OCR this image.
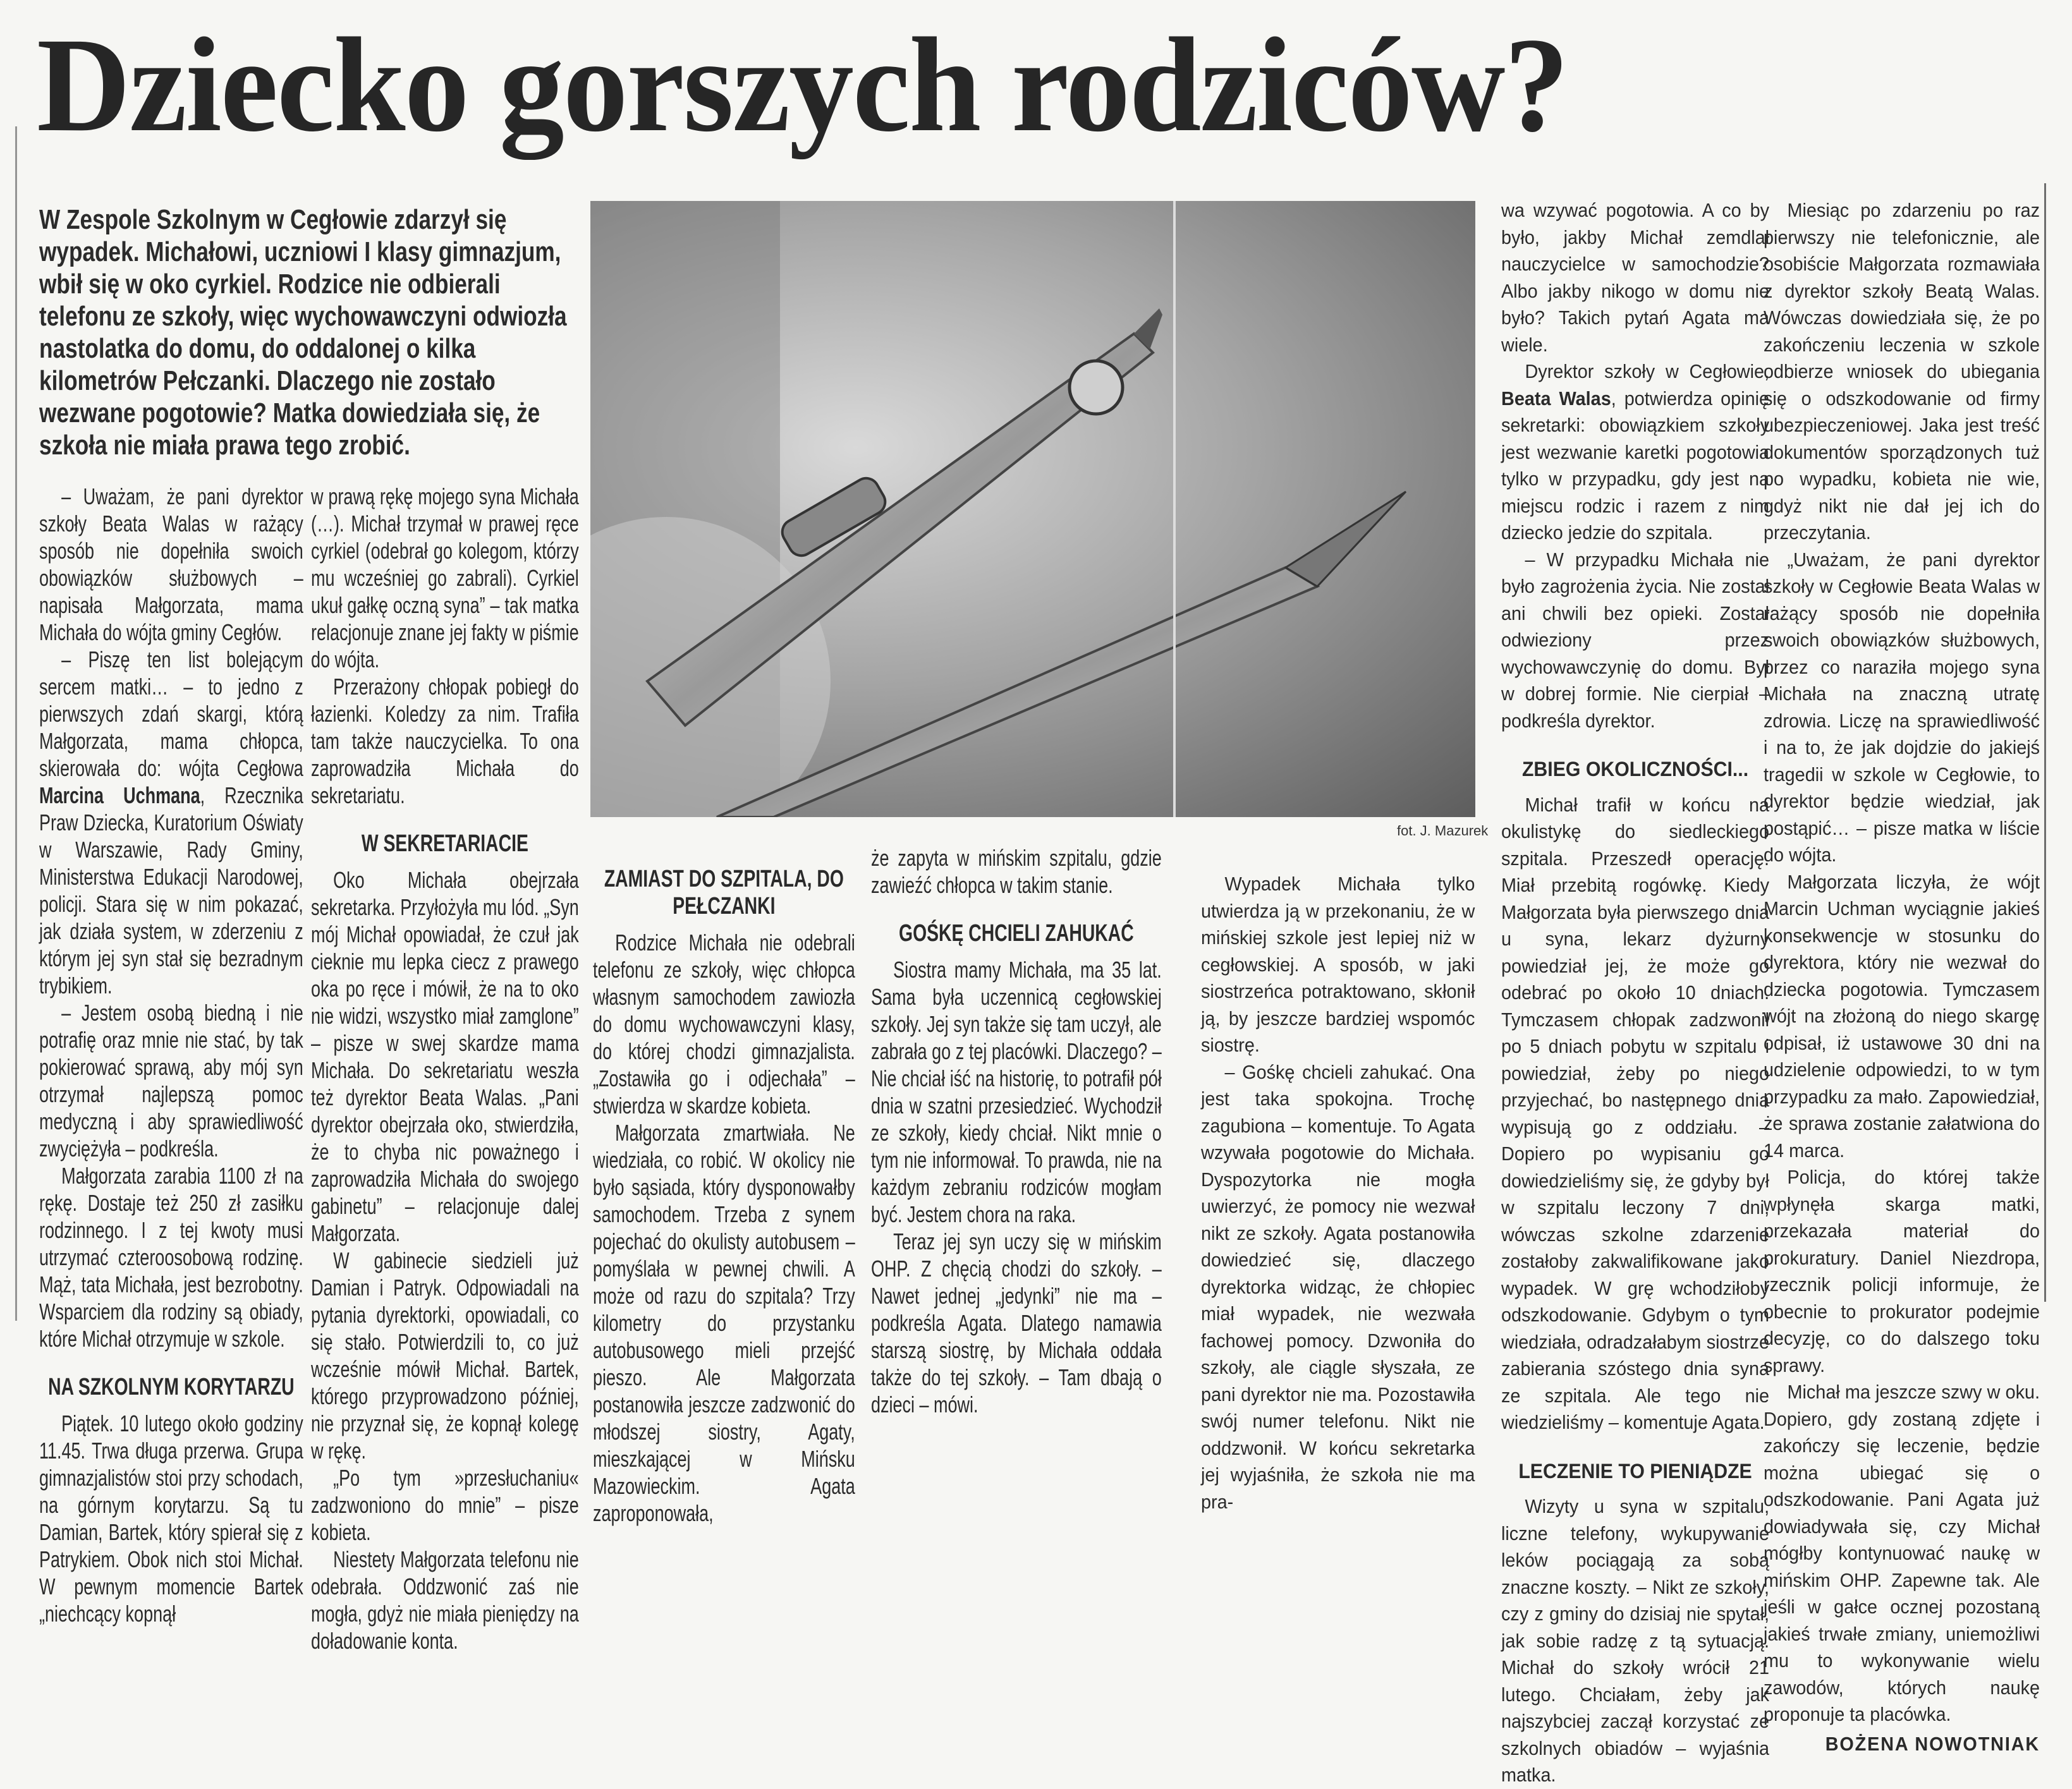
Dziecko gorszych rodziców?
W Zespole Szkolnym w Cegłowie zdarzył się wypadek. Michałowi, uczniowi I klasy gimnazjum, wbił się w oko cyrkiel. Rodzice nie odbierali telefonu ze szkoły, więc wychowawczyni odwiozła nastolatka do domu, do oddalonej o kilka kilometrów Pełczanki. Dlaczego nie zostało wezwane pogotowie? Matka dowiedziała się, że szkoła nie miała prawa tego zrobić.
fot. J. Mazurek

– Uważam, że pani dyrektor szkoły Beata Walas w rażący sposób nie dopełniła swoich obowiązków służbowych – napisała Małgorzata, mama Michała do wójta gminy Cegłów.

– Piszę ten list bolejącym sercem matki… – to jedno z pierwszych zdań skargi, którą Małgorzata, mama chłopca, skierowała do: wójta Cegłowa Marcina Uchmana, Rzecznika Praw Dziecka, Kuratorium Oświaty w Warszawie, Rady Gminy, Ministerstwa Edukacji Narodowej, policji. Stara się w nim pokazać, jak działa system, w zderzeniu z którym jej syn stał się bezradnym trybikiem.

– Jestem osobą biedną i nie potrafię oraz mnie nie stać, by tak pokierować sprawą, aby mój syn otrzymał najlepszą pomoc medyczną i aby sprawiedliwość zwyciężyła – podkreśla.

Małgorzata zarabia 1100 zł na rękę. Dostaje też 250 zł zasiłku rodzinnego. I z tej kwoty musi utrzymać czteroosobową rodzinę. Mąż, tata Michała, jest bezrobotny. Wsparciem dla rodziny są obiady, które Michał otrzymuje w szkole.

NA SZKOLNYM KORYTARZU

Piątek. 10 lutego około godziny 11.45. Trwa długa przerwa. Grupa gimnazjalistów stoi przy schodach, na górnym korytarzu. Są tu Damian, Bartek, który spierał się z Patrykiem. Obok nich stoi Michał. W pewnym momencie Bartek „niechcący kopnął

w prawą rękę mojego syna Michała (…). Michał trzymał w prawej ręce cyrkiel (odebrał go kolegom, którzy mu wcześniej go zabrali). Cyrkiel ukuł gałkę oczną syna” – tak matka relacjonuje znane jej fakty w piśmie do wójta.

Przerażony chłopak pobiegł do łazienki. Koledzy za nim. Trafiła tam także nauczycielka. To ona zaprowadziła Michała do sekretariatu.

W SEKRETARIACIE

Oko Michała obejrzała sekretarka. Przyłożyła mu lód. „Syn mój Michał opowiadał, że czuł jak cieknie mu lepka ciecz z prawego oka po ręce i mówił, że na to oko nie widzi, wszystko miał zamglone” – pisze w swej skardze mama Michała. Do sekretariatu weszła też dyrektor Beata Walas. „Pani dyrektor obejrzała oko, stwierdziła, że to chyba nic poważnego i zaprowadziła Michała do swojego gabinetu” – relacjonuje dalej Małgorzata.

W gabinecie siedzieli już Damian i Patryk. Odpowiadali na pytania dyrektorki, opowiadali, co się stało. Potwierdzili to, co już wcześnie mówił Michał. Bartek, którego przyprowadzono później, nie przyznał się, że kopnął kolegę w rękę.

„Po tym »przesłuchaniu« zadzwoniono do mnie” – pisze kobieta.

Niestety Małgorzata telefonu nie odebrała. Oddzwonić zaś nie mogła, gdyż nie miała pieniędzy na doładowanie konta.

ZAMIAST DO SZPITALA, DO PEŁCZANKI

Rodzice Michała nie odebrali telefonu ze szkoły, więc chłopca własnym samochodem zawiozła do domu wychowawczyni klasy, do której chodzi gimnazjalista. „Zostawiła go i odjechała” – stwierdza w skardze kobieta.

Małgorzata zmartwiała. Ne wiedziała, co robić. W okolicy nie było sąsiada, który dysponowałby samochodem. Trzeba z synem pojechać do okulisty autobusem – pomyślała w pewnej chwili. A może od razu do szpitala? Trzy kilometry do przystanku autobusowego mieli przejść pieszo. Ale Małgorzata postanowiła jeszcze zadzwonić do młodszej siostry, Agaty, mieszkającej w Mińsku Mazowieckim. Agata zaproponowała,

że zapyta w mińskim szpitalu, gdzie zawieźć chłopca w takim stanie.

GOŚKĘ CHCIELI ZAHUKAĆ

Siostra mamy Michała, ma 35 lat. Sama była uczennicą cegłowskiej szkoły. Jej syn także się tam uczył, ale zabrała go z tej placówki. Dlaczego? – Nie chciał iść na historię, to potrafił pół dnia w szatni przesiedzieć. Wychodził ze szkoły, kiedy chciał. Nikt mnie o tym nie informował. To prawda, nie na każdym zebraniu rodziców mogłam być. Jestem chora na raka.

Teraz jej syn uczy się w mińskim OHP. Z chęcią chodzi do szkoły. – Nawet jednej „jedynki” nie ma – podkreśla Agata. Dlatego namawia starszą siostrę, by Michała oddała także do tej szkoły. – Tam dbają o dzieci – mówi.

Wypadek Michała tylko utwierdza ją w przekonaniu, że w mińskiej szkole jest lepiej niż w cegłowskiej. A sposób, w jaki siostrzeńca potraktowano, skłonił ją, by jeszcze bardziej wspomóc siostrę.

– Gośkę chcieli zahukać. Ona jest taka spokojna. Trochę zagubiona – komentuje. To Agata wzywała pogotowie do Michała. Dyspozytorka nie mogła uwierzyć, że pomocy nie wezwał nikt ze szkoły. Agata postanowiła dowiedzieć się, dlaczego dyrektorka widząc, że chłopiec miał wypadek, nie wezwała fachowej pomocy. Dzwoniła do szkoły, ale ciągle słyszała, ze pani dyrektor nie ma. Pozostawiła swój numer telefonu. Nikt nie oddzwonił. W końcu sekretarka jej wyjaśniła, że szkoła nie ma pra-

wa wzywać pogotowia. A co by było, jakby Michał zemdlał nauczycielce w samochodzie? Albo jakby nikogo w domu nie było? Takich pytań Agata ma wiele.

Dyrektor szkoły w Cegłowie, Beata Walas, potwierdza opinię sekretarki: obowiązkiem szkoły jest wezwanie karetki pogotowia tylko w przypadku, gdy jest na miejscu rodzic i razem z nim dziecko jedzie do szpitala.

– W przypadku Michała nie było zagrożenia życia. Nie został ani chwili bez opieki. Został odwieziony przez wychowawczynię do domu. Był w dobrej formie. Nie cierpiał – podkreśla dyrektor.

ZBIEG OKOLICZNOŚCI...

Michał trafił w końcu na okulistykę do siedleckiego szpitala. Przeszedł operację. Miał przebitą rogówkę. Kiedy Małgorzata była pierwszego dnia u syna, lekarz dyżurny powiedział jej, że może go odebrać po około 10 dniach. Tymczasem chłopak zadzwonił po 5 dniach pobytu w szpitalu i powiedział, żeby po niego przyjechać, bo następnego dnia wypisują go z oddziału. – Dopiero po wypisaniu go dowiedzieliśmy się, że gdyby był w szpitalu leczony 7 dni, wówczas szkolne zdarzenie zostałoby zakwalifikowane jako wypadek. W grę wchodziłoby odszkodowanie. Gdybym o tym wiedziała, odradzałabym siostrze zabierania szóstego dnia syna ze szpitala. Ale tego nie wiedzieliśmy – komentuje Agata.

LECZENIE TO PIENIĄDZE

Wizyty u syna w szpitalu, liczne telefony, wykupywanie leków pociągają za sobą znaczne koszty. – Nikt ze szkoły, czy z gminy do dzisiaj nie spytał, jak sobie radzę z tą sytuacją. Michał do szkoły wrócił 21 lutego. Chciałam, żeby jak najszybciej zaczął korzystać ze szkolnych obiadów – wyjaśnia matka.

Miesiąc po zdarzeniu po raz pierwszy nie telefonicznie, ale osobiście Małgorzata rozmawiała z dyrektor szkoły Beatą Walas. Wówczas dowiedziała się, że po zakończeniu leczenia w szkole odbierze wniosek do ubiegania się o odszkodowanie od firmy ubezpieczeniowej. Jaka jest treść dokumentów sporządzonych tuż po wypadku, kobieta nie wie, gdyż nikt nie dał jej ich do przeczytania.

„Uważam, że pani dyrektor szkoły w Cegłowie Beata Walas w rażący sposób nie dopełniła swoich obowiązków służbowych, przez co naraziła mojego syna Michała na znaczną utratę zdrowia. Liczę na sprawiedliwość i na to, że jak dojdzie do jakiejś tragedii w szkole w Cegłowie, to dyrektor będzie wiedział, jak postąpić… – pisze matka w liście do wójta.

Małgorzata liczyła, że wójt Marcin Uchman wyciągnie jakieś konsekwencje w stosunku do dyrektora, który nie wezwał do dziecka pogotowia. Tymczasem wójt na złożoną do niego skargę odpisał, iż ustawowe 30 dni na udzielenie odpowiedzi, to w tym przypadku za mało. Zapowiedział, że sprawa zostanie załatwiona do 14 marca.

Policja, do której także wpłynęła skarga matki, przekazała materiał do prokuratury. Daniel Niezdropa, rzecznik policji informuje, że obecnie to prokurator podejmie decyzję, co do dalszego toku sprawy.

Michał ma jeszcze szwy w oku. Dopiero, gdy zostaną zdjęte i zakończy się leczenie, będzie można ubiegać się o odszkodowanie. Pani Agata już dowiadywała się, czy Michał mógłby kontynuować naukę w mińskim OHP. Zapewne tak. Ale jeśli w gałce ocznej pozostaną jakieś trwałe zmiany, uniemożliwi mu to wykonywanie wielu zawodów, których naukę proponuje ta placówka.

BOŻENA NOWOTNIAK
